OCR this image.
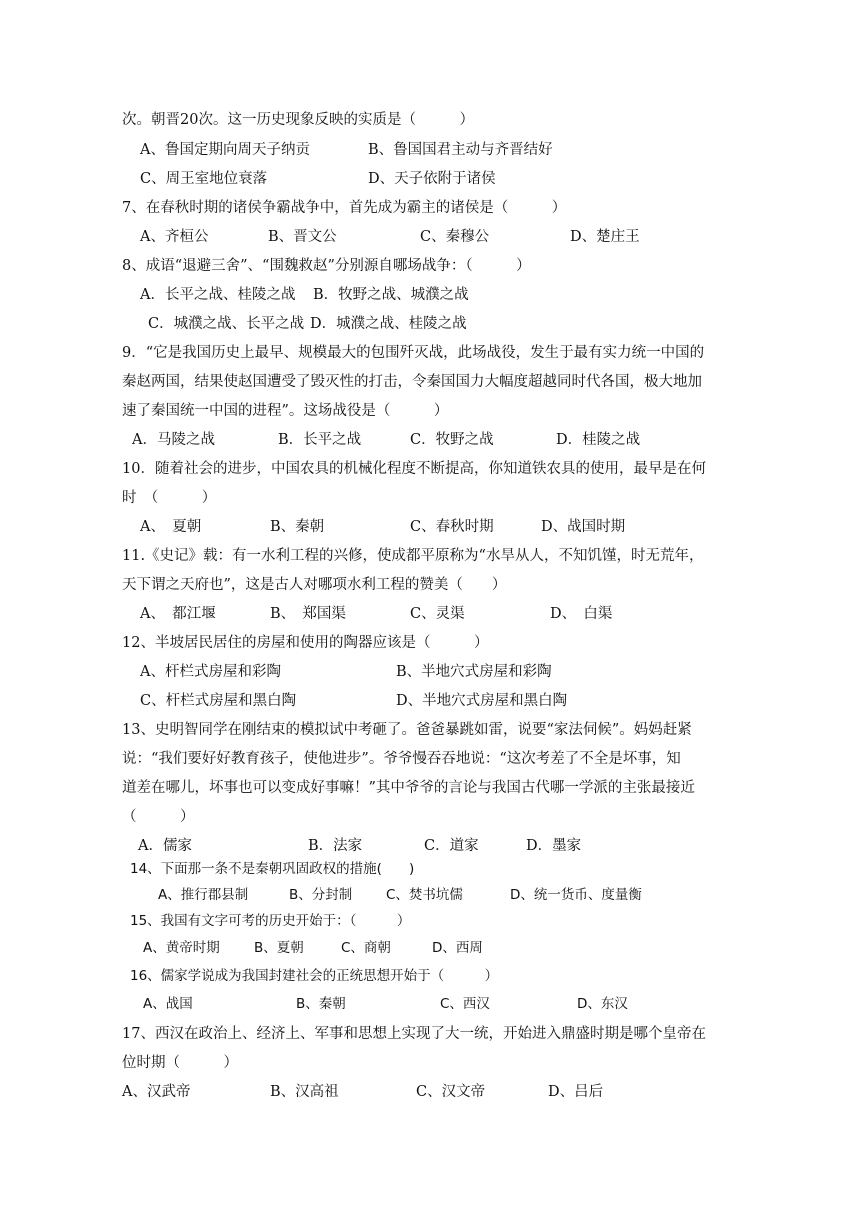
次。朝晋20次。这一历史现象反映的实质是（　　　）
A、鲁国定期向周天子纳贡	B、鲁国国君主动与齐晋结好
C、周王室地位衰落	D、天子依附于诸侯
7、在春秋时期的诸侯争霸战争中，首先成为霸主的诸侯是（　　　）
A、齐桓公	B、晋文公	C、秦穆公	D、楚庄王
8、成语“退避三舍”、“围魏救赵”分别源自哪场战争：（　　　）
A．长平之战、桂陵之战 B．牧野之战、城濮之战
C．城濮之战、长平之战 D．城濮之战、桂陵之战
9．“它是我国历史上最早、规模最大的包围歼灭战，此场战役，发生于最有实力统一中国的
秦赵两国，结果使赵国遭受了毁灭性的打击，令秦国国力大幅度超越同时代各国，极大地加
速了秦国统一中国的进程”。这场战役是（　　　）
A．马陵之战	B．长平之战	C．牧野之战	D．桂陵之战
10．随着社会的进步，中国农具的机械化程度不断提高，你知道铁农具的使用，最早是在何
时　（　　　）
A、　夏朝	B、秦朝	C、春秋时期	D、战国时期
11.《史记》载：有一水利工程的兴修，使成都平原称为“水旱从人，不知饥馑，时无荒年，
天下谓之天府也”，这是古人对哪项水利工程的赞美（　　）
A、　都江堰	B、　郑国渠	C、灵渠	D、　白渠
12、半坡居民居住的房屋和使用的陶器应该是（　　　）
A、杆栏式房屋和彩陶	B、半地穴式房屋和彩陶
C、杆栏式房屋和黑白陶	D、半地穴式房屋和黑白陶
13、史明智同学在刚结束的模拟试中考砸了。爸爸暴跳如雷，说要“家法伺候”。妈妈赶紧
说：“我们要好好教育孩子，使他进步”。爷爷慢吞吞地说：“这次考差了不全是坏事，知
道差在哪儿，坏事也可以变成好事嘛！”其中爷爷的言论与我国古代哪一学派的主张最接近
（　　　）
A．儒家	B．法家	C．道家	D．墨家
14、下面那一条不是秦朝巩固政权的措施(　　)
A、推行郡县制	B、分封制 C、焚书坑儒	D、统一货币、度量衡
15、我国有文字可考的历史开始于：（　　　）
A、黄帝时期	B、夏朝	C、商朝	D、西周
16、儒家学说成为我国封建社会的正统思想开始于（　　　）
A、战国	B、秦朝	C、西汉	D、东汉
17、西汉在政治上、经济上、军事和思想上实现了大一统，开始进入鼎盛时期是哪个皇帝在
位时期（　　　）
A、汉武帝	B、汉高祖	C、汉文帝	D、吕后
